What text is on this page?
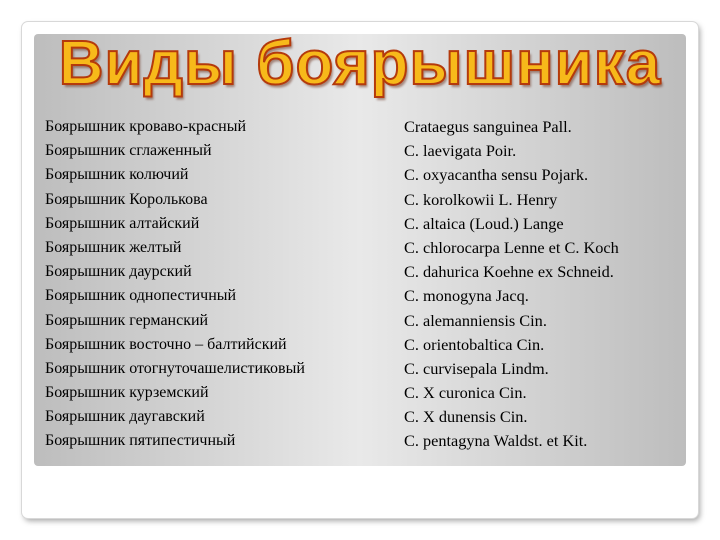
Виды боярышника
Боярышник кроваво-красный
Боярышник сглаженный
Боярышник колючий
Боярышник Королькова
Боярышник алтайский
Боярышник желтый
Боярышник даурский
Боярышник однопестичный
Боярышник германский
Боярышник восточно – балтийский
Боярышник отогнуточашелистиковый
Боярышник курземский
Боярышник даугавский
Боярышник пятипестичный
Crataegus sanguinea Pall.
C. laevigata Poir.
C. oxyacantha sensu Pojark.
C. korolkowii L. Henry
C. altaica (Loud.) Lange
C. chlorocarpa Lenne et C. Koch
C. dahurica Koehne ex Schneid.
C. monogyna Jacq.
C. alemanniensis Cin.
C. orientobaltica Cin.
C. curvisepala Lindm.
C. X curonica Cin.
C. X dunensis Cin.
C. pentagyna Waldst. et Kit.
